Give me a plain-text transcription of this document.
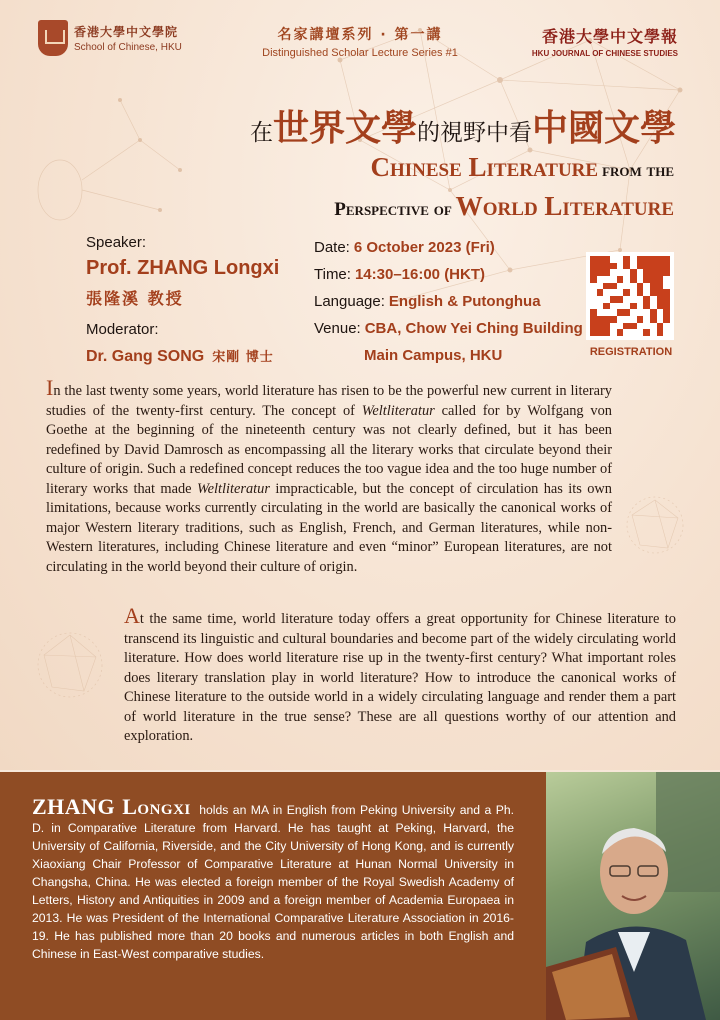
香港大學中文學院
School of Chinese, HKU
名家講壇系列 · 第一講
Distinguished Scholar Lecture Series #1
香港大學中文學報
HKU JOURNAL OF CHINESE STUDIES
在世界文學的視野中看中國文學
Chinese Literature from the
Perspective of World Literature
Speaker:
Prof. ZHANG Longxi
張隆溪 教授
Moderator:
Dr. Gang SONG 宋剛 博士
Date: 6 October 2023 (Fri)
Time: 14:30–16:00 (HKT)
Language: English & Putonghua
Venue: CBA, Chow Yei Ching Building
Main Campus, HKU	REGISTRATION
In the last twenty some years, world literature has risen to be the powerful new current in literary studies of the twenty-first century. The concept of Weltliteratur called for by Wolfgang von Goethe at the beginning of the nineteenth century was not clearly defined, but it has been redefined by David Damrosch as encompassing all the literary works that circulate beyond their culture of origin. Such a redefined concept reduces the too vague idea and the too huge number of literary works that made Weltliteratur impracticable, but the concept of circulation has its own limitations, because works currently circulating in the world are basically the canonical works of major Western literary traditions, such as English, French, and German literatures, while non-Western literatures, including Chinese literature and even “minor” European literatures, are not circulating in the world beyond their culture of origin.
At the same time, world literature today offers a great opportunity for Chinese literature to transcend its linguistic and cultural boundaries and become part of the widely circulating world literature. How does world literature rise up in the twenty-first century? What important roles does literary translation play in world literature? How to introduce the canonical works of Chinese literature to the outside world in a widely circulating language and render them a part of world literature in the true sense? These are all questions worthy of our attention and exploration.
ZHANG Longxi holds an MA in English from Peking University and a Ph. D. in Comparative Literature from Harvard. He has taught at Peking, Harvard, the University of California, Riverside, and the City University of Hong Kong, and is currently Xiaoxiang Chair Professor of Comparative Literature at Hunan Normal University in Changsha, China. He was elected a foreign member of the Royal Swedish Academy of Letters, History and Antiquities in 2009 and a foreign member of Academia Europaea in 2013. He was President of the International Comparative Literature Association in 2016-19. He has published more than 20 books and numerous articles in both English and Chinese in East-West comparative studies.
